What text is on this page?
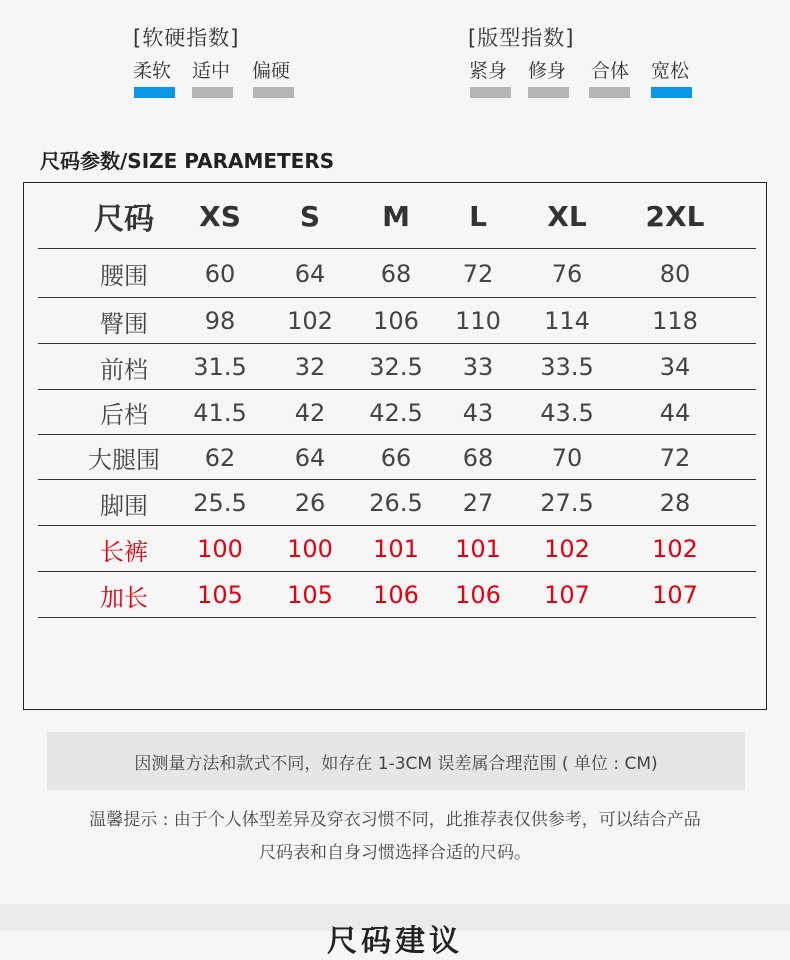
[软硬指数]
柔软 适中 偏硬
[版型指数]
紧身 修身 合体 宽松
尺码参数/SIZE PARAMETERS
尺码	XS	S	M	L	XL	2XL
腰围	60	64	68	72	76	80
臀围	98	102	106	110	114	118
前档	31.5	32	32.5	33	33.5	34
后档	41.5	42	42.5	43	43.5	44
大腿围	62	64	66	68	70	72
脚围	25.5	26	26.5	27	27.5	28
长裤	100	100	101	101	102	102
加长	105	105	106	106	107	107
因测量方法和款式不同，如存在 1-3CM 误差属合理范围 ( 单位 : CM)
温馨提示 : 由于个人体型差异及穿衣习惯不同，此推荐表仅供参考，可以结合产品
尺码表和自身习惯选择合适的尺码。
尺码建议
